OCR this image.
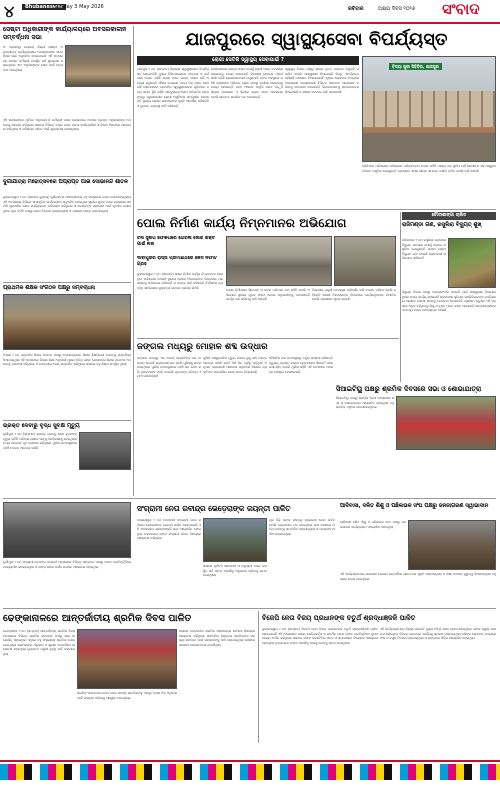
୪	Bhubaneswar
Sunday 3 May 2026	ରବିବାର	ଅକ୍ଷ୍ୟ ଦିବସ ୨୦୨୬ ସଂବାଦ
ସେଷ୍ଟା ଅଧିକାରୀଙ୍କ କାର୍ଯ୍ୟାଳୟରେ ଅବସରକାଳୀନ ସମ୍ବର୍ଦ୍ଧନା ସଭା
୨୮ ଲୋକବରୁ ନୟାଗଡ଼ ଜିଲ୍ଲା ସେଷ୍ଟା ଅଧିକାରୀଙ୍କ କାର୍ଯ୍ୟାଳୟରେ ଅବସରକାଳୀନ ସମ୍ବର୍ଦ୍ଧନା ସଭା ଅନୁଷ୍ଠିତ ହୋଇଯାଇଛି ଏହି ଅବସରରେ ସମସ୍ତ କର୍ମଚାରୀ ଉପସ୍ଥିତ ରହି ଶୁଭେଚ୍ଛା ଜଣାଇଥିଲେ ଏବଂ ଅଧିକାରୀଙ୍କ ସେବା ପାଇଁ ଧନ୍ୟବାଦ ଦେଇଥିଲେ
ଏହି ସମାରୋହରେ ପୂର୍ବତନ ଅଧିକାରୀ ଓ କର୍ମଚାରୀ ମାନେ ଯୋଗଦେଇ ଅବସର ପ୍ରାପ୍ତ ଅଧିକାରୀଙ୍କ ଅବଦାନକୁ ସ୍ମରଣ କରିଥିଲେ ସଭାରେ ବିଭିନ୍ନ ବକ୍ତା ମାନେ ତାଙ୍କ କାର୍ଯ୍ୟଶୈଳୀ ଓ ନିଷ୍ଠା ବିଷୟରେ ଆଲୋଚନା କରିଥିଲେ ଓ ଭବିଷ୍ୟତ ଜୀବନ ପାଇଁ ଶୁଭକାମନା ଜଣାଇଥିଲେ
ଦୁର୍ଗାଯାତ୍ରା ମହୋତ୍ସବରେ ଅପ୍ରାପ୍ତ ପାଇଁ ସୋଭାନନ୍ଦ ଶୀତଳ
ଭୁବନେଶ୍ୱର ୨ ମେ (ସମ୍ବାଦ ବ୍ୟୁରୋ) ଦୁର୍ଗାଯାତ୍ରା ମହୋତ୍ସବରେ ବହୁ ସଂଖ୍ୟାରେ ଭକ୍ତ ଯୋଗଦେଇଥିଲେ ଏହି ଅବସରରେ ବିଭିନ୍ନ ସାଂସ୍କୃତିକ କାର୍ଯ୍ୟକ୍ରମ ଅନୁଷ୍ଠିତ ହୋଇଥିଲା ସ୍ଥାନୀୟ ଯୁବକ ମାନେ ପ୍ରଶାସନ ସହ ମିଶି ଶୃଙ୍ଖଳିତ ଭାବେ କାର୍ଯ୍ୟକ୍ରମ ପରିଚାଳନା କରିଥିଲେ ଓ ସମସ୍ତଙ୍କ ସହଯୋଗ ପାଇଁ କୃତଜ୍ଞତା ଜଣାଇଥିଲେ ପୂଜା କମିଟି ପକ୍ଷରୁ ଭୋଗ ବିତରଣ କରାଯାଇଥିଲା ଓ ପ୍ରସାଦ ସେବନ କରାଯାଇଥିଲା
ପ୍ରାଥମିକ ଶିକ୍ଷକ ସଂଗଠନ ପକ୍ଷରୁ ସମ୍ବର୍ଦ୍ଧନା
ମିଶ୍ରୀ ୨ ମେ ପ୍ରାଥମିକ ଶିକ୍ଷକ ସଂଗଠନ ପକ୍ଷରୁ ଅବସରପ୍ରାପ୍ତ ଶିକ୍ଷକ ଶିକ୍ଷୟିତ୍ରୀ ମାନଙ୍କୁ ସମ୍ବର୍ଦ୍ଧନା ଦିଆଯାଇଥିଲା ଏହି ଅବସରରେ ଜିଲ୍ଲା ଶିକ୍ଷା ଅଧିକାରୀ ମୁଖ୍ୟ ଅତିଥି ଭାବେ ଯୋଗଦେଇ ଶିକ୍ଷକ ମାନଙ୍କ ଅବଦାନକୁ ପ୍ରଶଂସା କରିଥିଲେ ଓ ଉତ୍ତରୀୟ ଦେଇ ସମ୍ମାନିତ କରିଥିଲେ ସଭାରେ ବହୁ ଶିକ୍ଷକ ଉପସ୍ଥିତ ଥିଲେ
ଭ୍ରକ୍ତ ଦେବାରୁ ବୃଦ୍ଧ ସୁବକ୍ଷ ମୃତ୍ୟୁ
ଦୁର୍ଗାପୁର ୨ ମେ (ସମ୍ବାଦ) ଭ୍ରକ୍ତ ଦେବାରୁ ଜଣେ ବୃଦ୍ଧଙ୍କ ମୃତ୍ୟୁ ଘଟିଛି ପରିବାର ଲୋକେ ତାଙ୍କୁ ମେଡ଼ିକାଲକୁ ନେଇଥିଲେ ମଧ୍ୟ ଡାକ୍ତର ମୃତ ଘୋଷଣା କରିଥିଲେ ପୁଲିସ ଘଟଣାସ୍ଥଳରେ ପହଞ୍ଚି ତଦନ୍ତ ଆରମ୍ଭ କରିଛି
ଯାଜପୁରରେ ସ୍ୱାସ୍ଥ୍ୟସେବା ବିପର୍ଯ୍ୟସ୍ତ
ରୋଗୀ ସେତିକି ସ୍ୱାସ୍ଥ୍ୟ ସେବାପାଇଁ ?
ଯାଜପୁର ୨ ମେ (ସମ୍ବାଦ) ଜିଲ୍ଲାର ସ୍ୱାସ୍ଥ୍ୟସେବା ବିପର୍ଯ୍ୟସ୍ତ ହୋଇପଡ଼ିଛି ମୁଖ୍ୟ ଚିକିତ୍ସାଳୟରେ ଡାକ୍ତର ଓ କର୍ମଚାରୀ ଅଭାବ ରହିଛି ରୋଗୀ ମାନେ ଘଣ୍ଟା ଘଣ୍ଟା ଧରି ଅପେକ୍ଷା କରୁଛନ୍ତି ଔଷଧ ଯୋଗାଣ ମଧ୍ୟ ଠିକ୍ ଭାବେ ହେଉନାହିଁ ଗ୍ରାମାଞ୍ଚଳର ପ୍ରାଥମିକ ସ୍ୱାସ୍ଥ୍ୟକେନ୍ଦ୍ର ଗୁଡ଼ିକରେ ମଧ୍ୟ ସମାନ ସ୍ଥିତି ରହିଛି ଆମ୍ବୁଲାନ୍ସ ସେବା ଅନିୟମିତ ହୋଇଥିବାରୁ ଜରୁରୀକାଳୀନ ରୋଗୀ ଅସୁବିଧାର ସମ୍ମୁଖୀନ ହେଉଛନ୍ତି ସ୍ଥାନୀୟ ଲୋକେ ସରକାରଙ୍କ ଦୃଷ୍ଟି ଆକର୍ଷଣ କରିଛନ୍ତି ଓ ତୁରନ୍ତ ବ୍ୟବସ୍ଥା ଦାବି କରିଛନ୍ତି
ମେଡ଼ିକାଲରେ ଶଯ୍ୟା ଅଭାବ ଯୋଗୁଁ ରୋଗୀ ମାନେ ଚଟାଣରେ ଶୋଇବାକୁ ବାଧ୍ୟ ହେଉଛନ୍ତି ବିଶେଷଜ୍ଞ ଡାକ୍ତର ପଦବୀ ଖାଲି ପଡ଼ିଛି ଲାବୋରେଟୋରୀ ଯନ୍ତ୍ରପାତି ଅଚଳ ଅବସ୍ଥାରେ ରହିଛି ରୋଗୀଙ୍କ ପରିବାର ଲୋକ ବାହାରୁ ପରୀକ୍ଷା କରାଇବାକୁ ବାଧ୍ୟ ହେଉଛନ୍ତି ଯାହା ଫଳରେ ଆର୍ଥିକ ବୋଝ ବଢ଼ୁଛି ଜିଲ୍ଲା ପ୍ରଶାସନ ଏ ଦିଗରେ ଧ୍ୟାନ ଦେବା ଆବଶ୍ୟକ ବୋଲି ସଚେତନ ନାଗରିକ ମତ ଦେଇଛନ୍ତି
ସ୍ୱାସ୍ଥ୍ୟ ବିଭାଗ ପକ୍ଷରୁ ଶୀଘ୍ର ନୂତନ ଡାକ୍ତର ନିଯୁକ୍ତି କରାଯିବ ବୋଲି ଆଶ୍ୱାସନା ଦିଆଯାଇଛି କିନ୍ତୁ ଏପର୍ଯ୍ୟନ୍ତ କୌଣସି ପଦକ୍ଷେପ ନିଆଯାଇନାହିଁ ଏଥିରେ ଲୋକଙ୍କ ମଧ୍ୟରେ ଅସନ୍ତୋଷ ଦେଖାଦେଇଛି ବିଭିନ୍ନ ସଙ୍ଗଠନ ଆନ୍ଦୋଳନ କରିବାକୁ ଚେତାବନୀ ଦେଇଛନ୍ତି ଜିଲ୍ଲାପାଳଙ୍କୁ ସ୍ମାରକପତ୍ର ଦିଆଯାଇଛି ଓ ଶୀଘ୍ର ସମାଧାନ ଦାବି କରାଯାଇଛି
ବିଦ୍ୟା ପୁରୀ ସିବିବିଲ, ଯାଜପୁର
ହସପିଟାଲ ପରିସରରେ ପରିଷ୍କାର ପରିଚ୍ଛନ୍ନତା ଅଭାବ ରହିଛି ପାନୀୟ ଜଳ ସୁବିଧା ନାହିଁ ରୋଗୀଙ୍କ ସହ ଆସୁଥିବା ପରିଜନ ଅସୁବିଧା ଭୋଗୁଛନ୍ତି ପ୍ରଶାସନ ଏହାର ଶୀଘ୍ର ସମାଧାନ କରିବା ଉଚିତ ବୋଲି ଦାବି ହେଉଛି
ପୋଲ ନିର୍ମାଣ କାର୍ଯ୍ୟ ନିମ୍ନମାନର ଅଭିଯୋଗ
ଚୌତୀଶୀଙ୍ଗା ଚାଲିତ
ରାଜିମଣ୍ଡା ଗଣ, ରସୁଲିରା ବିଦ୍ୟୁତ୍ ଶୁଖ୍
ରାଜିମଣ୍ଡା ୨ ମେ ରସୁଲିରା ଗ୍ରାମରେ ବିଦ୍ୟୁତ୍ ସମସ୍ୟା ଯୋଗୁଁ ଲୋକେ ଅସୁବିଧା ଭୋଗୁଛନ୍ତି ଘଣ୍ଟା ଘଣ୍ଟା ବିଦ୍ୟୁତ କାଟ ହେଉଛି ଗ୍ରାମବାସୀ ଅଭିଯୋଗ କରିଛନ୍ତି
ବିଦ୍ୟୁତ ବିଭାଗ ପକ୍ଷରୁ ଟ୍ରାନ୍ସଫର୍ମର ମରାମତି ପାଇଁ ଆଶ୍ୱାସନା ଦିଆଯାଇଥିଲେ ମଧ୍ୟ କାର୍ଯ୍ୟ ହୋଇନାହିଁ ଗ୍ରାମବାସୀ ଜୁନିୟର ଇଞ୍ଜିନିୟରଙ୍କ କାର୍ଯ୍ୟାଳୟ ଆଗରେ ଧାରଣା ଦେବାକୁ ଚେତାବନୀ ଦେଇଛନ୍ତି ଗ୍ରୀଷ୍ମ ଋତୁରେ ଏହି ସମସ୍ୟା ଅଧିକ ବଢ଼ିଥିବାରୁ ଶିଶୁ ଓ ବୃଦ୍ଧ ମାନେ କଷ୍ଟ ପାଉଛନ୍ତି ଛାତ୍ରଛାତ୍ରୀଙ୍କ ପାଠପଢ଼ା ମଧ୍ୟ ବାଧାପ୍ରାପ୍ତ ହେଉଛି
ଚିନା ସୁନାଗ ଫେକିଗରେ ଗେରିଲି ଜୋରି ଶକ୍ତି ପାଇଁ ନାନା
ଦାବାପୁରର ରାସ୍ତା ପ୍ରମାଣର୍ଥରେ କେସ ନଫାଁଟି ଗ୍ରହ
ଭୁବନେଶ୍ୱର ୨ ମେ (ସମ୍ବାଦ) ରାସ୍ତା ନିର୍ମାଣ କାର୍ଯ୍ୟ ନିମ୍ନମାନର ହେଉଥିବା ଅଭିଯୋଗ ହୋଇଛି ସ୍ଥାନୀୟ ଲୋକେ ଠିକାଦାରଙ୍କ ବିରୋଧରେ ପ୍ରଶାସନକୁ ଅଭିଯୋଗ କରିଛନ୍ତି ଓ ତଦନ୍ତ ଦାବି କରିଛନ୍ତି ନିର୍ମାଣରେ ବ୍ୟବହୃତ ସାମଗ୍ରୀର ଗୁଣବତ୍ତା ଉପରେ ପ୍ରଶ୍ନ ଉଠିଛି
ପୋଲ ନିର୍ମାଣରେ ସିମେଣ୍ଟ ଓ ଛଡ଼ର ପରିମାଣ କମ୍ ରହିଛି ବୋଲି ଅଭିଯୋଗ ସ୍ଥାନୀୟ ଯୁବକ ଫଟୋ ଉଠାଇ ଅଧିକାରୀଙ୍କୁ ପଠାଇଛନ୍ତି କାର୍ଯ୍ୟ ବନ୍ଦ କରିବାକୁ ଦାବି ହୋଇଛି
ବିଭାଗୀୟ ଯନ୍ତ୍ରୀ ଘଟଣାସ୍ଥଳ ପରିଦର୍ଶନ କରି ତଦନ୍ତ କରିବେ ବୋଲି କହିଛନ୍ତି ଦୋଷୀ ଠିକାଦାରଙ୍କ ବିରୋଧରେ କାର୍ଯ୍ୟାନୁଷ୍ଠାନ ନିଆଯିବ ବୋଲି ପ୍ରଶାସନ ସୂଚନା ଦେଇଛି
ଜଙ୍ଗଲ ମଧ୍ୟରୁ ମୋହାଳ ଶବ୍ଦ ଉଦ୍ଧାର
ଜଙ୍ଗଲ ମଧ୍ୟରୁ ଏକ ଅଜଣା ବ୍ୟକ୍ତିଙ୍କ ଶବ ଉଦ୍ଧାର ହୋଇଛି ଗ୍ରାମବାସୀ ଶବ ଦେଖି ପୁଲିସକୁ ଖବର ଦେଇଥିଲେ ପୁଲିସ ଘଟଣାସ୍ଥଳରେ ପହଞ୍ଚି ଶବ ଜବତ କରି ବ୍ୟବଚ୍ଛେଦ ପାଇଁ ପଠାଇଛି ମୃତକଙ୍କ ପରିଚୟ ଏଯାଏଁ ଜଣାପଡ଼ିନାହିଁ
ପୁଲିସ ଅସ୍ୱାଭାବିକ ମୃତ୍ୟୁ ମାମଲା ରୁଜୁ କରି ତଦନ୍ତ ଆରମ୍ଭ କରିଛି ଶବଟି କିଛି ଦିନ ପୂର୍ବରୁ ପଡ଼ିଥିବା ଅନୁମାନ କରାଯାଉଛି ଆଖପାଖ ଗ୍ରାମରେ ନିଖୋଜ ବ୍ୟକ୍ତିଙ୍କ ସମ୍ପର୍କରେ ଖୋଜ ଖବର ନିଆଯାଉଛି
ବୈଜ୍ଞାନିକ ଦଳ ଘଟଣାସ୍ଥଳରୁ ନମୁନା ସଂଗ୍ରହ କରିଛନ୍ତି ମୃତ୍ୟୁର ପ୍ରକୃତ କାରଣ ବ୍ୟବଚ୍ଛେଦ ରିପୋର୍ଟ ପରେ ଜଣାପଡ଼ିବ ବୋଲି ପୁଲିସ କହିଛି ଏହି ଘଟଣାରେ ଅଞ୍ଚଳରେ ଚାଞ୍ଚଲ୍ୟ ଦେଖାଦେଇଛି
ସିଆଇଟିୟୁ ପକ୍ଷରୁ ଶ୍ରମିକ ଦିବସରେ ସଭା ଓ ଶୋଭାଯାତ୍ରା
ସିଆଇଟିୟୁ ପକ୍ଷରୁ ଶ୍ରମିକ ଦିବସ ଅବସରରେ ସଭା ଓ ଶୋଭାଯାତ୍ରା ଆୟୋଜିତ ହୋଇଥିଲା ବହୁ ଶ୍ରମିକ ଏଥିରେ ଯୋଗଦେଇଥିଲେ
ଦୁର୍ଗାପୁର ୨ ମେ ସଂଗ୍ରାମୀ ନେତାଙ୍କ ଜୟନ୍ତୀ ଅବସରରେ ବିଭିନ୍ନ ସଙ୍ଗଠନ ପକ୍ଷରୁ ତାଙ୍କ ପ୍ରତିମୂର୍ତ୍ତିରେ ମାଲ୍ୟାର୍ପଣ କରାଯାଇଥିଲା ଓ ତାଙ୍କ ଜୀବନ ଦର୍ଶନ ଉପରେ ଆଲୋଚନା ହୋଇଥିଲା
ସଂଗ୍ରାମୀ ନେତା ରବୀନ୍ଦ୍ର ଭେଡ଼େରାଙ୍କ ଜୟନ୍ତୀ ପାଳିତ
ବାଲେଶ୍ୱର ୨ ମେ (ସମ୍ବାଦ) ସଂଗ୍ରାମୀ ନେତା ରବୀନ୍ଦ୍ର ଭେଡ଼େରାଙ୍କ ଜୟନ୍ତୀ ପାଳିତ ହୋଇଯାଇଛି ଏହି ଅବସରରେ ଶ୍ରଦ୍ଧାଞ୍ଜଳି ସଭା ଆୟୋଜିତ ହୋଇଥିଲା ବକ୍ତାମାନେ ତାଙ୍କ ସଂଗ୍ରାମୀ ଜୀବନ ବିଷୟରେ ଆଲୋଚନା କରିଥିଲେ
ସଭାରେ ପୂର୍ବତନ ସହଯୋଗୀ ଓ ଅନୁଗାମୀ ମାନେ ଉପସ୍ଥିତ ରହି ତାଙ୍କ ଆଦର୍ଶକୁ ଅନୁସରଣ କରିବାକୁ ଶପଥ ନେଇଥିଲେ
ଯୁବ ପିଢ଼ି ତାଙ୍କ ଜୀବନରୁ ପ୍ରେରଣା ନେବା ଉଚିତ ବୋଲି ବକ୍ତାମାନେ ମତ ଦେଇଥିଲେ ସଭା ଶେଷରେ ଅତିଥି ମାନଙ୍କୁ ସମ୍ମାନିତ କରାଯାଇଥିଲା ଓ ଧନ୍ୟବାଦ ଅର୍ପଣ କରାଯାଇଥିଲା
ଆଦିବାସୀ, ଦଳିତ ଶିଶୁ ଓ ପଛିଲଭଳ ସଂଘ ପକ୍ଷରୁ ଜନଜାଗରଣ ସ୍ୱାଭାଦାନ
ଆଦିବାସୀ ଦଳିତ ଶିଶୁ ଓ ପଛିଲଭଳ ସଂଘ ପକ୍ଷରୁ ଜନଜାଗରଣ କାର୍ଯ୍ୟକ୍ରମ ଆୟୋଜିତ ହୋଇଥିଲା
ଏହି କାର୍ଯ୍ୟକ୍ରମରେ ସରକାରୀ ଯୋଜନା ସମ୍ପର୍କରେ ସଚେତନତା ସୃଷ୍ଟି କରାଯାଇଥିଲା ଓ ଶିକ୍ଷା ଉପରେ ଗୁରୁତ୍ୱ ଦିଆଯାଇଥିଲା ବହୁ ଲୋକ ଯୋଗ ଦେଇଥିଲେ
ଢେଙ୍କାନାଳରେ ଆନ୍ତର୍ଜାତୀୟ ଶ୍ରମିକ ଦିବସ ପାଳିତ
ଢେଙ୍କାନାଳ ୨ ମେ (ସମ୍ବାଦ) ଆନ୍ତର୍ଜାତୀୟ ଶ୍ରମିକ ଦିବସ ଅବସରରେ ବିଭିନ୍ନ ଶ୍ରମିକ ସଙ୍ଗଠନ ପକ୍ଷରୁ ସଭା ଆୟୋଜିତ ହୋଇଥିଲା ଏଥିରେ ବହୁ ସଂଖ୍ୟାରେ ଶ୍ରମିକ ଯୋଗ ଦେଇଥିଲେ ଶ୍ରମିକଙ୍କ ଅଧିକାର ଓ ସୁରକ୍ଷା ସମ୍ପର୍କରେ ଆଲୋଚନା ହୋଇଥିଲା ନ୍ୟୂନତମ ମଜୁରୀ ବୃଦ୍ଧି ଦାବି କରାଯାଇଥିଲା
ସଭାରେ ବକ୍ତାମାନେ ଶ୍ରମିକ ଆନ୍ଦୋଳନର ଇତିହାସ ବିଷୟରେ ଆଲୋଚନା କରିଥିଲେ ଅସଂଗଠିତ କ୍ଷେତ୍ରର ଶ୍ରମିକଙ୍କ ସମସ୍ୟା ସମାଧାନ ପାଇଁ ସରକାରଙ୍କୁ ଦାବି କରାଯାଇଥିଲା ଶେଷରେ ସହରରେ ଶୋଭାଯାତ୍ରା ବାହାରିଥିଲା
ଶ୍ରମିକ ସଙ୍ଗଠନର ନେତା ମାନେ ସମସ୍ତ ଶ୍ରମିକଙ୍କୁ ଏକଜୁଟ ହୋଇ ନିଜ ଅଧିକାର ପାଇଁ ସଂଗ୍ରାମ କରିବାକୁ ଆହ୍ୱାନ ଦେଇଥିଲେ
ବିଜେପି ନେତା ବିଜୟ ପ୍ରଧାନଙ୍କ ଚତୁର୍ଥ ଶ୍ରଦ୍ଧାଞ୍ଜଳି ପାଳିତ
ଭୁବନେଶ୍ୱର ୨ ମେ (ସମ୍ବାଦ) ବିଜେପି ନେତା ବିଜୟ ପ୍ରଧାନଙ୍କ ଚତୁର୍ଥ ଶ୍ରଦ୍ଧାଞ୍ଜଳି ପାଳିତ ହୋଇଯାଇଛି ଏହି ଅବସରରେ ଦଳୀୟ କାର୍ଯ୍ୟକର୍ତ୍ତା ଓ ସମର୍ଥକ ମାନେ ତାଙ୍କ ପ୍ରତିକୃତିରେ ପୁଷ୍ପମାଲ୍ୟ ଅର୍ପଣ କରିଥିଲେ ସଭାରେ ତାଙ୍କ ରାଜନୈତିକ ଜୀବନ ଓ ସମାଜସେବା ବିଷୟରେ ଆଲୋଚନା ହୋଇଥିଲା ବକ୍ତାମାନେ ତାଙ୍କ ଆଦର୍ଶକୁ ଆଗକୁ ନେବାକୁ ଶପଥ ନେଇଥିଲେ
ଏହି କାର୍ଯ୍ୟକ୍ରମରେ ଜିଲ୍ଲା ସଭାପତି ମୁଖ୍ୟ ଅତିଥି ଭାବେ ଯୋଗ ଦେଇଥିଲେ ତାଙ୍କ ଦ୍ୱାରା ଆରମ୍ଭ ହୋଇଥିବା ବିଭିନ୍ନ ଉନ୍ନୟନ କାର୍ଯ୍ୟକୁ ସ୍ମରଣ କରାଯାଇଥିଲା ଦରିଦ୍ର ଲୋକଙ୍କ ମଧ୍ୟରେ ଫଳ ଓ ବସ୍ତ୍ର ବିତରଣ କରାଯାଇଥିଲା ଓ ରକ୍ତଦାନ ଶିବିର ଆୟୋଜିତ ହୋଇଥିଲା
